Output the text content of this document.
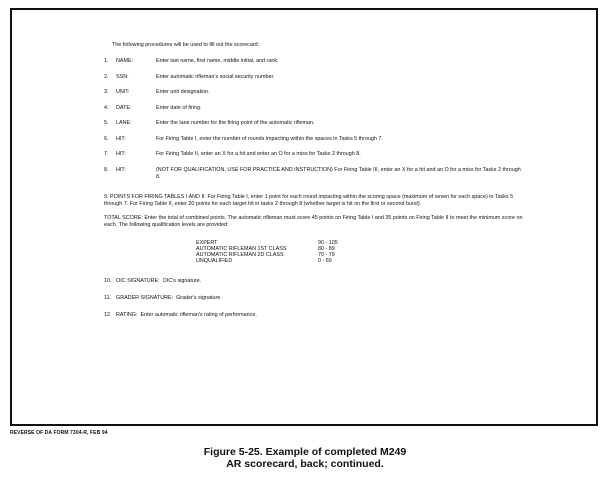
The following procedures will be used to fill out the scorecard:
1.	NAME:	Enter last name, first name, middle initial, and rank.
2.	SSN:	Enter automatic rifleman's social security number.
3.	UNIT:	Enter unit designation.
4.	DATE:	Enter date of firing.
5.	LANE:	Enter the lane number for the firing point of the automatic rifleman.
6.	HIT:	For Firing Table I, enter the number of rounds impacting within the spaces in Tasks 5 through 7.
7.	HIT:	For Firing Table II, enter an X for a hit and enter an O for a miss for Tasks 2 through 8.
8.	HIT:	(NOT FOR QUALIFICATION, USE FOR PRACTICE AND INSTRUCTION) For Firing Table III, enter an X for a hit and an O for a miss for Tasks 2 through 8.
9. POINTS FOR FIRING TABLES I AND II: For Firing Table I, enter 1 point for each round impacting within the scoring space (maximum of seven for each space) in Tasks 5 through 7. For Firing Table II, enter 20 points for each target hit in tasks 2 through 8 (whether target is hit on the first or second burst).
TOTAL SCORE: Enter the total of combined points. The automatic rifleman must score 45 points on Firing Table I and 35 points on Firing Table II to meet the minimum score on each. The following qualification levels are provided:
EXPERT	90 - 105
AUTOMATIC RIFLEMAN 1ST CLASS	80 - 89
AUTOMATIC RIFLEMAN 2D CLASS	70 - 79
UNQUALIFIED	0 - 69
10. OIC SIGNATURE: OIC's signature.
11. GRADER SIGNATURE: Grader's signature.
12. RATING: Enter automatic rifleman's rating of performance.
REVERSE OF DA FORM 7304-R, FEB 94
Figure 5-25. Example of completed M249
AR scorecard, back; continued.
